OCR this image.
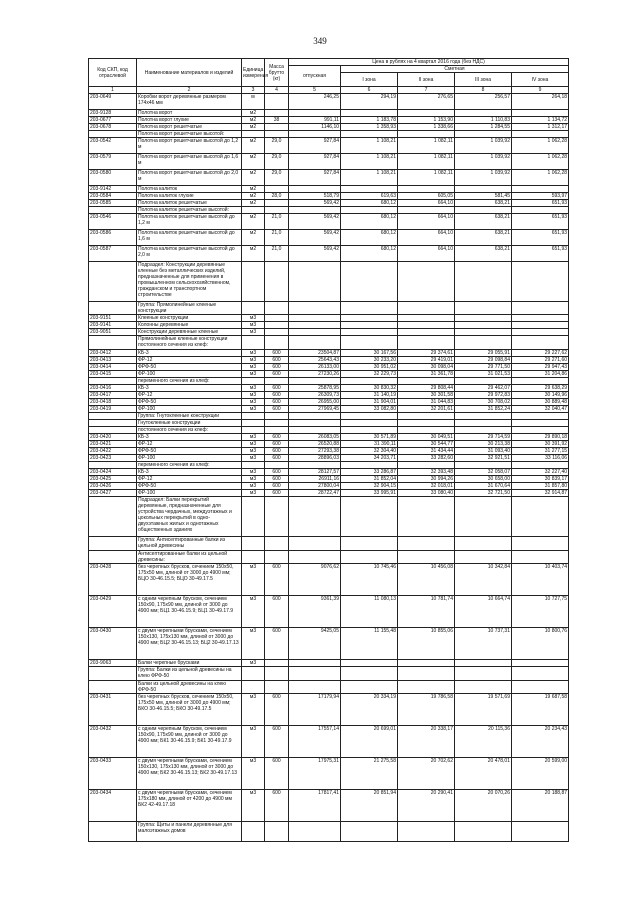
349
Код СКП, код отраслевой	Наименование материалов и изделий	Единица измерения	Масса брутто (кг)	Цена в рублях на 4 квартал 2016 года (без НДС)				
				отпускная	Сметная			
					I зона	II зона	III зона	IV зона
1	2	3	4	5	6	7	8	9
203-0649	Коробки ворот деревянные размером 174х46 мм	м		246,25	294,19	276,65	256,57	264,18
203-9128	Полотна ворот	м2						
203-0677	Полотна ворот глухие	м2	38	991,11	1 183,78	1 153,90	1 110,83	1 134,72
203-0678	Полотна ворот решетчатые	м2		1146,10	1 358,93	1 338,66	1 284,55	1 312,17
	Полотна ворот решетчатые высотой:							
203-0542	Полотна ворот решетчатые высотой до 1,2 м	м2	29,0	927,84	1 108,21	1 082,11	1 039,92	1 062,28
203-0579	Полотна ворот решетчатые высотой до 1,6 м	м2	29,0	927,84	1 108,21	1 082,11	1 039,92	1 062,28
203-0580	Полотна ворот решетчатые высотой до 2,0 м	м2	29,0	927,84	1 108,21	1 082,11	1 039,92	1 062,28
203-9142	Полотна калиток	м2						
203-0584	Полотна калиток глухие	м2	28,0	518,79	619,63	605,05	581,45	593,97
203-0585	Полотна калиток решетчатые	м2		569,42	680,12	664,10	638,21	651,93
	Полотна калиток решетчатые высотой:							
203-0546	Полотна калиток решетчатые высотой до 1,2 м	м2	21,0	569,42	680,12	664,10	638,21	651,93
203-0586	Полотна калиток решетчатые высотой до 1,6 м	м2	21,0	569,42	680,12	664,10	638,21	651,93
203-0587	Полотна калиток решетчатые высотой до 2,0 м	м2	21,0	569,42	680,12	664,10	638,21	651,93
	Подраздел: Конструкции деревянные клееные без металлических изделий, предназначенные для применения в промышленном сельскохозяйственном, гражданском и транспортном строительстве							
	Группа: Прямолинейные клееные конструкции							
203-9151	Клееные конструкции	м3						
203-9141	Колонны деревянные	м3						
203-9051	Конструкции деревянные клееные	м3						
	Прямолинейные клееные конструкции постоянного сечения из клеф:							
203-0412	КБ-3	м3	600	23504,87	30 167,56	29 374,61	29 055,91	29 227,62
203-0413	ФР-12	м3	600	25643,43	30 233,20	29 419,01	29 098,84	29 271,60
203-0414	ФРФ-50	м3	600	26133,00	30 951,02	30 098,04	29 771,50	29 947,43
203-0415	ФР-100	м3	600	27230,26	32 229,73	31 361,78	31 021,53	31 204,86
	переменного сечения из клеф:							
203-0416	КБ-3	м3	600	25878,95	30 830,32	29 808,44	29 462,07	29 638,29
203-0417	ФР-12	м3	600	26309,73	31 140,19	30 301,58	29 972,83	30 149,96
203-0418	ФРФ-50	м3	600	26955,00	31 904,01	31 044,83	30 708,02	30 889,48
203-0419	ФР-100	м3	600	27969,45	33 082,80	32 201,61	31 852,24	32 040,47
	Группа: Гнутоклееные конструкции							
	Гнутоклееные конструкции							
	постоянного сечения из клеф:							
203-0420	КБ-3	м3	600	26083,05	30 571,89	30 049,51	29 714,59	29 890,18
203-0421	ФР-12	м3	600	26520,88	31 390,11	30 544,77	30 213,38	30 391,92
203-0422	ФРФ-50	м3	600	27293,38	32 304,40	31 434,44	31 093,40	31 277,15
203-0423	ФР-100	м3	600	28896,03	34 203,71	33 282,60	32 921,51	33 116,06
	переменного сечения из клеф:							
203-0424	КБ-3	м3	600	28127,57	33 286,87	32 393,48	32 058,07	32 227,40
203-0425	ФР-12	м3	600	26911,16	31 852,04	30 994,26	30 658,00	30 839,17
203-0426	ФРФ-50	м3	600	27800,04	32 904,15	32 018,01	31 670,64	31 857,80
203-0427	ФР-100	м3	600	28722,47	33 995,91	33 080,40	32 721,50	32 914,87
	Подраздел: Балки перекрытий деревянные, предназначенные для устройства чердачных, междуэтажных и цокольных перекрытий в одно-двухэтажных жилых и однотажных общественных зданиях							
	Группа: Антисептированные балки из цельной древесины							
	Антисептированные балки из цельной древесины:							
203-0428	без черепных брусков, сечением 150x50, 175x50 мм, длиной от 3000 до 4900 мм; БЦО 30-46.15.5; БЦО 30-49.17.5	м3	600	9076,62	10 745,46	10 456,08	10 342,84	10 403,74
203-0429	с одним черепным бруском, сечением 150x90, 175x90 мм, длиной от 3000 до 4900 мм; БЦ1 30-46.15.9; БЦ1 30-49.17.9	м3	600	9361,39	11 080,13	10 781,74	10 664,74	10 727,75
203-0430	с двумя черепными брусками, сечением 150x130, 175x130 мм, длиной от 3000 до 4900 мм; БЦ2 30-46.15.13; БЦ2 30-49.17.13	м3	600	9425,05	11 155,48	10 855,06	10 737,31	10 800,76
203-9063	Балки черепные брусками	м3						
	Группа: Балки из цельной древесины на клею ФРФ-50							
	Балки из цельной древесины на клею ФРФ-50							
203-0431	без черепных брусков, сечением 150x50, 175x50 мм, длиной от 3000 до 4900 мм; БКО 30-46.15.5; БКО 30-49.17.5	м3	600	17179,94	20 334,19	19 786,58	19 571,69	19 687,58
203-0432	с одним черепным бруском, сечением 150x90, 175x90 мм, длиной от 3000 до 4900 мм; БК1 30-46.15.9; БК1 30-49.17.9	м3	600	17557,14	20 699,01	20 338,17	20 115,36	20 234,43
203-0433	с двумя черепными брусками, сечением 150x130, 175x130 мм, длиной от 3000 до 4900 мм; БК2 30-46.15.13; БК2 30-49.17.13	м3	600	17975,31	21 275,58	20 702,62	20 478,01	20 599,00
203-0434	с двумя черепными брусками, сечением 175x180 мм, длиной от 4200 до 4900 мм БК2 42-49.17.18	м3	600	17817,41	20 851,94	20 290,41	20 070,26	20 188,87
	Группа: Щиты и панели деревянные для малоэтажных домов							
